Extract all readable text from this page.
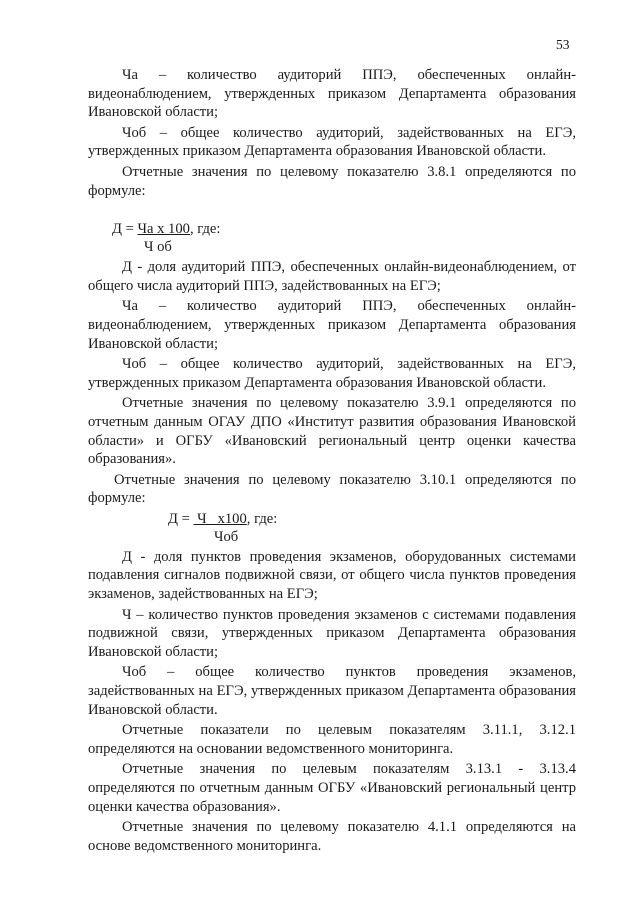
53

Ча – количество аудиторий ППЭ, обеспеченных онлайн-видеонаблюдением, утвержденных приказом Департамента образования Ивановской области;

Чоб – общее количество аудиторий, задействованных на ЕГЭ, утвержденных приказом Департамента образования Ивановской области.

Отчетные значения по целевому показателю 3.8.1 определяются по формуле:

Д = Ча x 100, где:
Ч об

Д - доля аудиторий ППЭ, обеспеченных онлайн-видеонаблюдением, от общего числа аудиторий ППЭ, задействованных на ЕГЭ;

Ча – количество аудиторий ППЭ, обеспеченных онлайн-видеонаблюдением, утвержденных приказом Департамента образования Ивановской области;

Чоб – общее количество аудиторий, задействованных на ЕГЭ, утвержденных приказом Департамента образования Ивановской области.

Отчетные значения по целевому показателю 3.9.1 определяются по отчетным данным ОГАУ ДПО «Институт развития образования Ивановской области» и ОГБУ «Ивановский региональный центр оценки качества образования».

Отчетные значения по целевому показателю 3.10.1 определяются по формуле:

Д =  Ч   x100, где:
Чоб

Д - доля пунктов проведения экзаменов, оборудованных системами подавления сигналов подвижной связи, от общего числа пунктов проведения экзаменов, задействованных на ЕГЭ;

Ч – количество пунктов проведения экзаменов с системами подавления подвижной связи, утвержденных приказом Департамента образования Ивановской области;

Чоб – общее количество пунктов проведения экзаменов, задействованных на ЕГЭ, утвержденных приказом Департамента образования Ивановской области.

Отчетные показатели по целевым показателям 3.11.1, 3.12.1 определяются на основании ведомственного мониторинга.

Отчетные значения по целевым показателям 3.13.1 - 3.13.4 определяются по отчетным данным ОГБУ «Ивановский региональный центр оценки качества образования».

Отчетные значения по целевому показателю 4.1.1 определяются на основе ведомственного мониторинга.
